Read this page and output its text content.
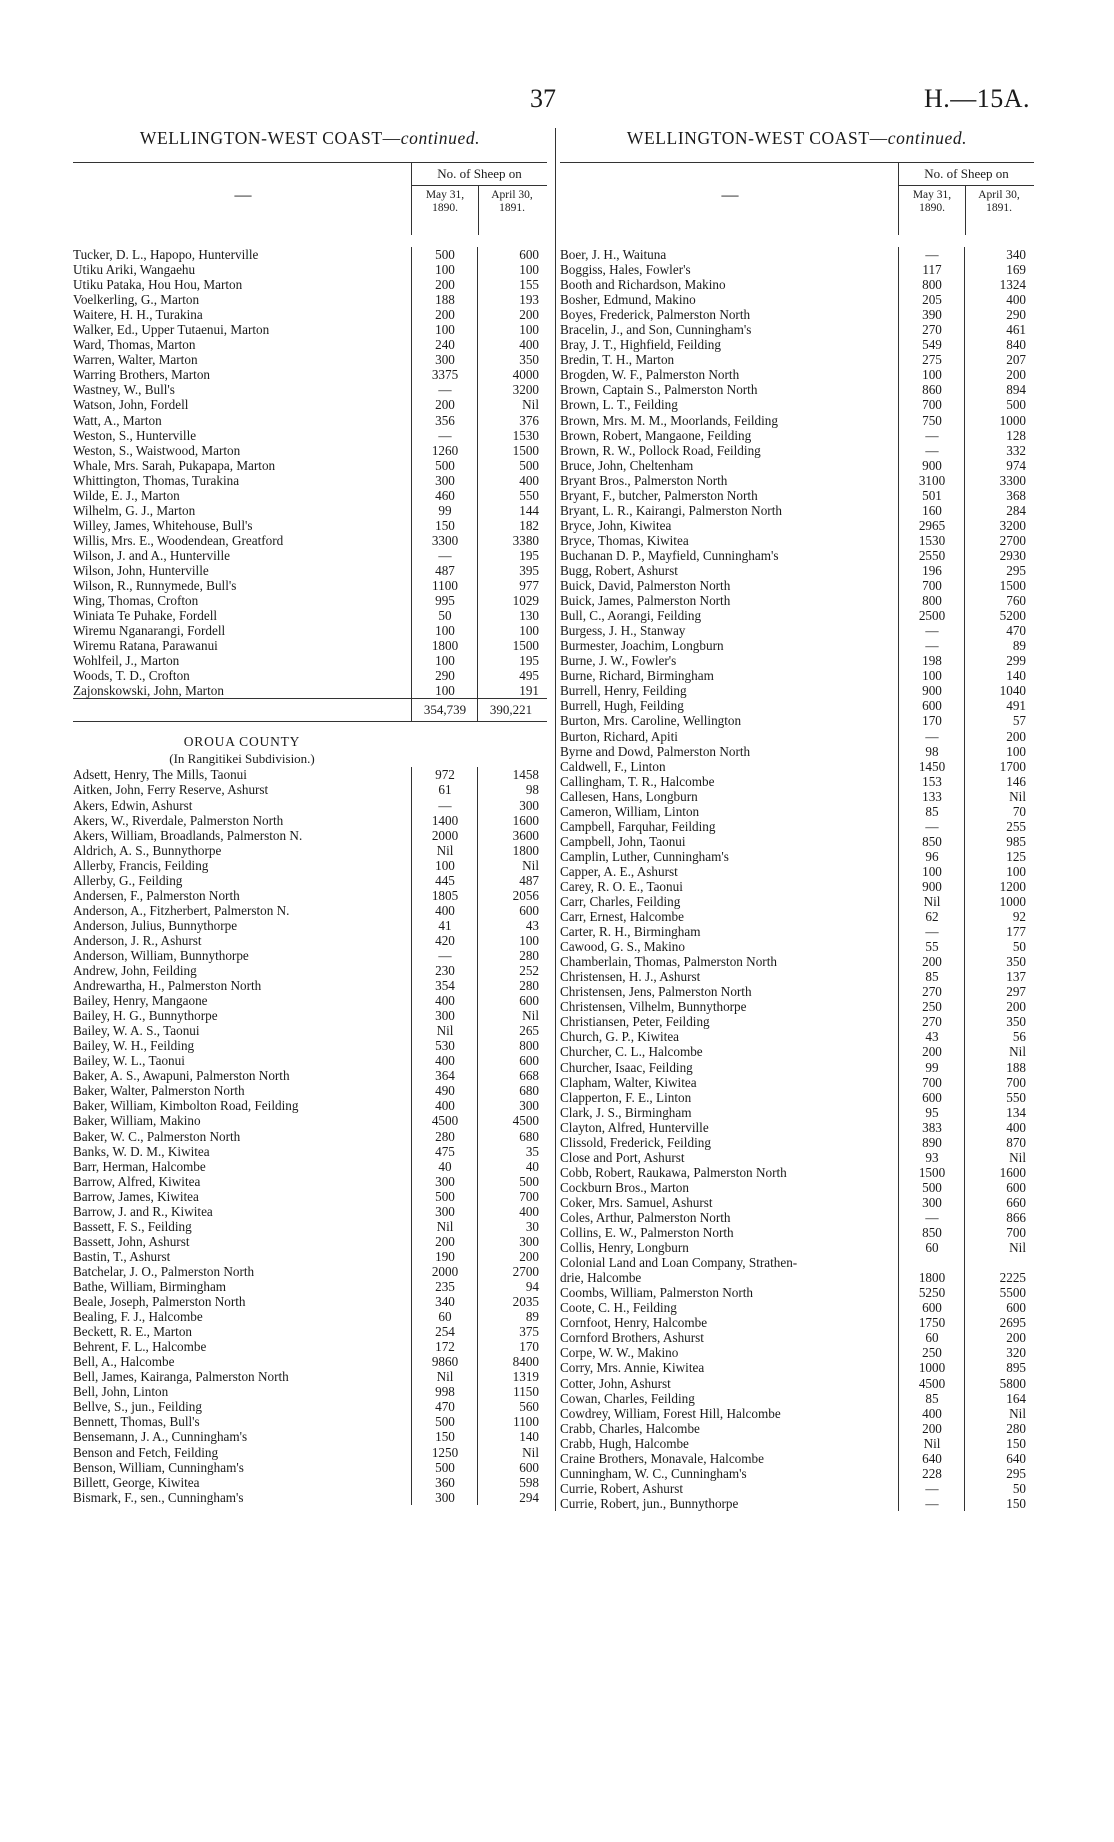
37	H.—15A.
WELLINGTON-WEST COAST—continued.
—
No. of Sheep on
May 31, 1890.
April 30, 1891.
Tucker, D. L., Hapopo, Hunterville	500	600
Utiku Ariki, Wangaehu	100	100
Utiku Pataka, Hou Hou, Marton	200	155
Voelkerling, G., Marton	188	193
Waitere, H. H., Turakina	200	200
Walker, Ed., Upper Tutaenui, Marton	100	100
Ward, Thomas, Marton	240	400
Warren, Walter, Marton	300	350
Warring Brothers, Marton	3375	4000
Wastney, W., Bull's	—	3200
Watson, John, Fordell	200	Nil
Watt, A., Marton	356	376
Weston, S., Hunterville	—	1530
Weston, S., Waistwood, Marton	1260	1500
Whale, Mrs. Sarah, Pukapapa, Marton	500	500
Whittington, Thomas, Turakina	300	400
Wilde, E. J., Marton	460	550
Wilhelm, G. J., Marton	99	144
Willey, James, Whitehouse, Bull's	150	182
Willis, Mrs. E., Woodendean, Greatford	3300	3380
Wilson, J. and A., Hunterville	—	195
Wilson, John, Hunterville	487	395
Wilson, R., Runnymede, Bull's	1100	977
Wing, Thomas, Crofton	995	1029
Winiata Te Puhake, Fordell	50	130
Wiremu Nganarangi, Fordell	100	100
Wiremu Ratana, Parawanui	1800	1500
Wohlfeil, J., Marton	100	195
Woods, T. D., Crofton	290	495
Zajonskowski, John, Marton	100	191
354,739	390,221
OROUA COUNTY
(In Rangitikei Subdivision.)
Adsett, Henry, The Mills, Taonui	972	1458
Aitken, John, Ferry Reserve, Ashurst	61	98
Akers, Edwin, Ashurst	—	300
Akers, W., Riverdale, Palmerston North	1400	1600
Akers, William, Broadlands, Palmerston N.	2000	3600
Aldrich, A. S., Bunnythorpe	Nil	1800
Allerby, Francis, Feilding	100	Nil
Allerby, G., Feilding	445	487
Andersen, F., Palmerston North	1805	2056
Anderson, A., Fitzherbert, Palmerston N.	400	600
Anderson, Julius, Bunnythorpe	41	43
Anderson, J. R., Ashurst	420	100
Anderson, William, Bunnythorpe	—	280
Andrew, John, Feilding	230	252
Andrewartha, H., Palmerston North	354	280
Bailey, Henry, Mangaone	400	600
Bailey, H. G., Bunnythorpe	300	Nil
Bailey, W. A. S., Taonui	Nil	265
Bailey, W. H., Feilding	530	800
Bailey, W. L., Taonui	400	600
Baker, A. S., Awapuni, Palmerston North	364	668
Baker, Walter, Palmerston North	490	680
Baker, William, Kimbolton Road, Feilding	400	300
Baker, William, Makino	4500	4500
Baker, W. C., Palmerston North	280	680
Banks, W. D. M., Kiwitea	475	35
Barr, Herman, Halcombe	40	40
Barrow, Alfred, Kiwitea	300	500
Barrow, James, Kiwitea	500	700
Barrow, J. and R., Kiwitea	300	400
Bassett, F. S., Feilding	Nil	30
Bassett, John, Ashurst	200	300
Bastin, T., Ashurst	190	200
Batchelar, J. O., Palmerston North	2000	2700
Bathe, William, Birmingham	235	94
Beale, Joseph, Palmerston North	340	2035
Bealing, F. J., Halcombe	60	89
Beckett, R. E., Marton	254	375
Behrent, F. L., Halcombe	172	170
Bell, A., Halcombe	9860	8400
Bell, James, Kairanga, Palmerston North	Nil	1319
Bell, John, Linton	998	1150
Bellve, S., jun., Feilding	470	560
Bennett, Thomas, Bull's	500	1100
Bensemann, J. A., Cunningham's	150	140
Benson and Fetch, Feilding	1250	Nil
Benson, William, Cunningham's	500	600
Billett, George, Kiwitea	360	598
Bismark, F., sen., Cunningham's	300	294
WELLINGTON-WEST COAST—continued.
—
No. of Sheep on
May 31, 1890.
April 30, 1891.
Boer, J. H., Waituna	—	340
Boggiss, Hales, Fowler's	117	169
Booth and Richardson, Makino	800	1324
Bosher, Edmund, Makino	205	400
Boyes, Frederick, Palmerston North	390	290
Bracelin, J., and Son, Cunningham's	270	461
Bray, J. T., Highfield, Feilding	549	840
Bredin, T. H., Marton	275	207
Brogden, W. F., Palmerston North	100	200
Brown, Captain S., Palmerston North	860	894
Brown, L. T., Feilding	700	500
Brown, Mrs. M. M., Moorlands, Feilding	750	1000
Brown, Robert, Mangaone, Feilding	—	128
Brown, R. W., Pollock Road, Feilding	—	332
Bruce, John, Cheltenham	900	974
Bryant Bros., Palmerston North	3100	3300
Bryant, F., butcher, Palmerston North	501	368
Bryant, L. R., Kairangi, Palmerston North	160	284
Bryce, John, Kiwitea	2965	3200
Bryce, Thomas, Kiwitea	1530	2700
Buchanan D. P., Mayfield, Cunningham's	2550	2930
Bugg, Robert, Ashurst	196	295
Buick, David, Palmerston North	700	1500
Buick, James, Palmerston North	800	760
Bull, C., Aorangi, Feilding	2500	5200
Burgess, J. H., Stanway	—	470
Burmester, Joachim, Longburn	—	89
Burne, J. W., Fowler's	198	299
Burne, Richard, Birmingham	100	140
Burrell, Henry, Feilding	900	1040
Burrell, Hugh, Feilding	600	491
Burton, Mrs. Caroline, Wellington	170	57
Burton, Richard, Apiti	—	200
Byrne and Dowd, Palmerston North	98	100
Caldwell, F., Linton	1450	1700
Callingham, T. R., Halcombe	153	146
Callesen, Hans, Longburn	133	Nil
Cameron, William, Linton	85	70
Campbell, Farquhar, Feilding	—	255
Campbell, John, Taonui	850	985
Camplin, Luther, Cunningham's	96	125
Capper, A. E., Ashurst	100	100
Carey, R. O. E., Taonui	900	1200
Carr, Charles, Feilding	Nil	1000
Carr, Ernest, Halcombe	62	92
Carter, R. H., Birmingham	—	177
Cawood, G. S., Makino	55	50
Chamberlain, Thomas, Palmerston North	200	350
Christensen, H. J., Ashurst	85	137
Christensen, Jens, Palmerston North	270	297
Christensen, Vilhelm, Bunnythorpe	250	200
Christiansen, Peter, Feilding	270	350
Church, G. P., Kiwitea	43	56
Churcher, C. L., Halcombe	200	Nil
Churcher, Isaac, Feilding	99	188
Clapham, Walter, Kiwitea	700	700
Clapperton, F. E., Linton	600	550
Clark, J. S., Birmingham	95	134
Clayton, Alfred, Hunterville	383	400
Clissold, Frederick, Feilding	890	870
Close and Port, Ashurst	93	Nil
Cobb, Robert, Raukawa, Palmerston North	1500	1600
Cockburn Bros., Marton	500	600
Coker, Mrs. Samuel, Ashurst	300	660
Coles, Arthur, Palmerston North	—	866
Collins, E. W., Palmerston North	850	700
Collis, Henry, Longburn	60	Nil
Colonial Land and Loan Company, Strathen-
drie, Halcombe	1800	2225
Coombs, William, Palmerston North	5250	5500
Coote, C. H., Feilding	600	600
Cornfoot, Henry, Halcombe	1750	2695
Cornford Brothers, Ashurst	60	200
Corpe, W. W., Makino	250	320
Corry, Mrs. Annie, Kiwitea	1000	895
Cotter, John, Ashurst	4500	5800
Cowan, Charles, Feilding	85	164
Cowdrey, William, Forest Hill, Halcombe	400	Nil
Crabb, Charles, Halcombe	200	280
Crabb, Hugh, Halcombe	Nil	150
Craine Brothers, Monavale, Halcombe	640	640
Cunningham, W. C., Cunningham's	228	295
Currie, Robert, Ashurst	—	50
Currie, Robert, jun., Bunnythorpe	—	150
